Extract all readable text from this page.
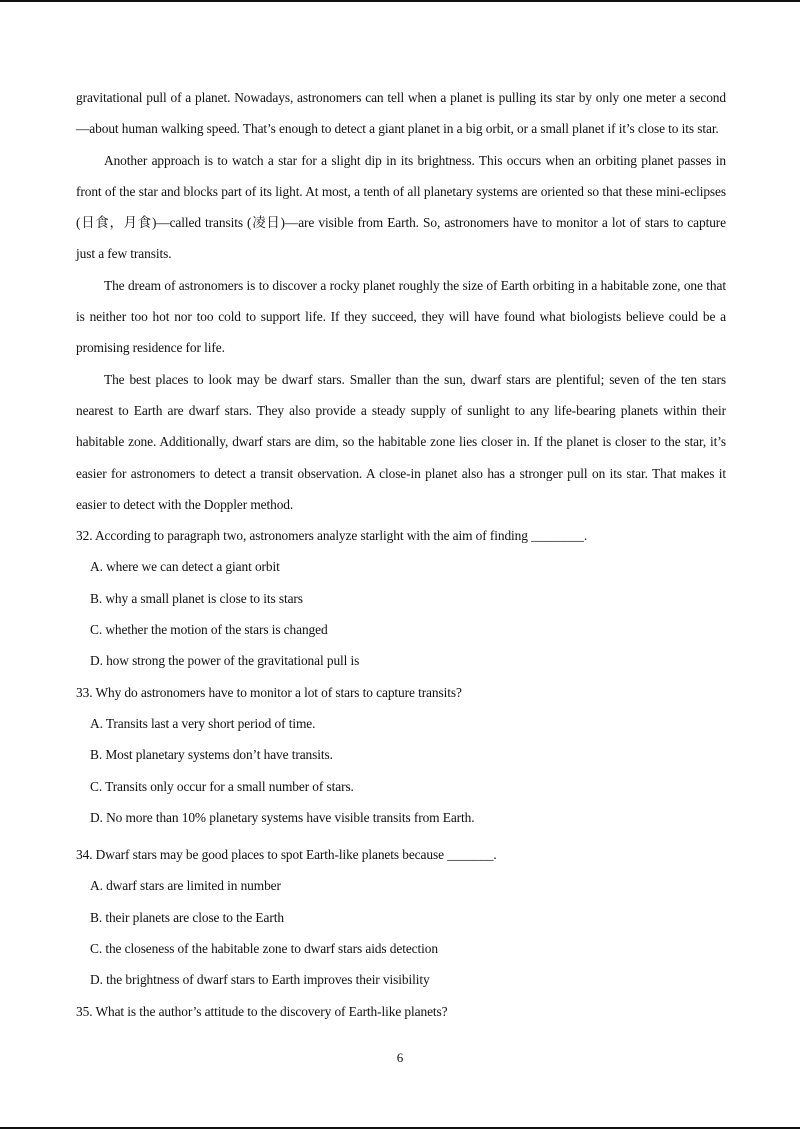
gravitational pull of a planet. Nowadays, astronomers can tell when a planet is pulling its star by only one meter a second—about human walking speed. That’s enough to detect a giant planet in a big orbit, or a small planet if it’s close to its star.

Another approach is to watch a star for a slight dip in its brightness. This occurs when an orbiting planet passes in front of the star and blocks part of its light. At most, a tenth of all planetary systems are oriented so that these mini-eclipses (日食，月食)—called transits (凌日)—are visible from Earth. So, astronomers have to monitor a lot of stars to capture just a few transits.

The dream of astronomers is to discover a rocky planet roughly the size of Earth orbiting in a habitable zone, one that is neither too hot nor too cold to support life. If they succeed, they will have found what biologists believe could be a promising residence for life.

The best places to look may be dwarf stars. Smaller than the sun, dwarf stars are plentiful; seven of the ten stars nearest to Earth are dwarf stars. They also provide a steady supply of sunlight to any life-bearing planets within their habitable zone. Additionally, dwarf stars are dim, so the habitable zone lies closer in. If the planet is closer to the star, it’s easier for astronomers to detect a transit observation. A close-in planet also has a stronger pull on its star. That makes it easier to detect with the Doppler method.

32. According to paragraph two, astronomers analyze starlight with the aim of finding ________.

A. where we can detect a giant orbit

B. why a small planet is close to its stars

C. whether the motion of the stars is changed

D. how strong the power of the gravitational pull is

33. Why do astronomers have to monitor a lot of stars to capture transits?

A. Transits last a very short period of time.

B. Most planetary systems don’t have transits.

C. Transits only occur for a small number of stars.

D. No more than 10% planetary systems have visible transits from Earth.

34. Dwarf stars may be good places to spot Earth-like planets because _______.

A. dwarf stars are limited in number

B. their planets are close to the Earth

C. the closeness of the habitable zone to dwarf stars aids detection

D. the brightness of dwarf stars to Earth improves their visibility

35. What is the author’s attitude to the discovery of Earth-like planets?

6
